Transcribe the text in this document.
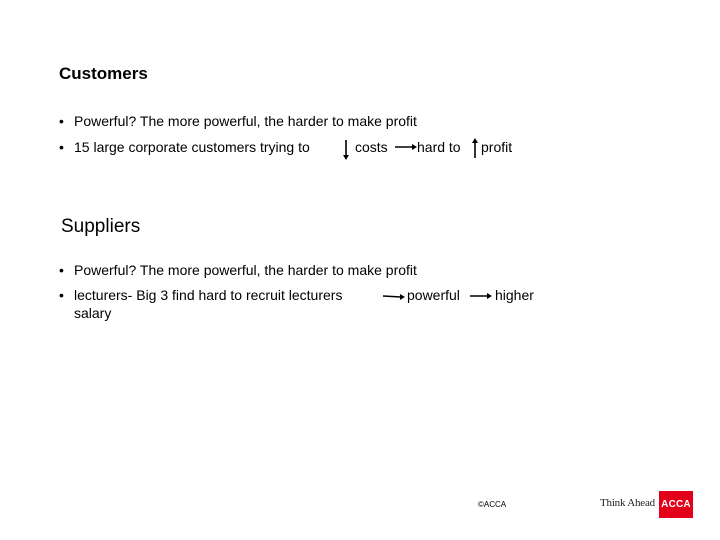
Customers
• Powerful? The more powerful, the harder to make profit
• 15 large corporate customers trying to	costs hard to profit
Suppliers
• Powerful? The more powerful, the harder to make profit
• lecturers- Big 3 find hard to recruit lecturers	powerful	higher
salary
©ACCA	Think Ahead ACCA
